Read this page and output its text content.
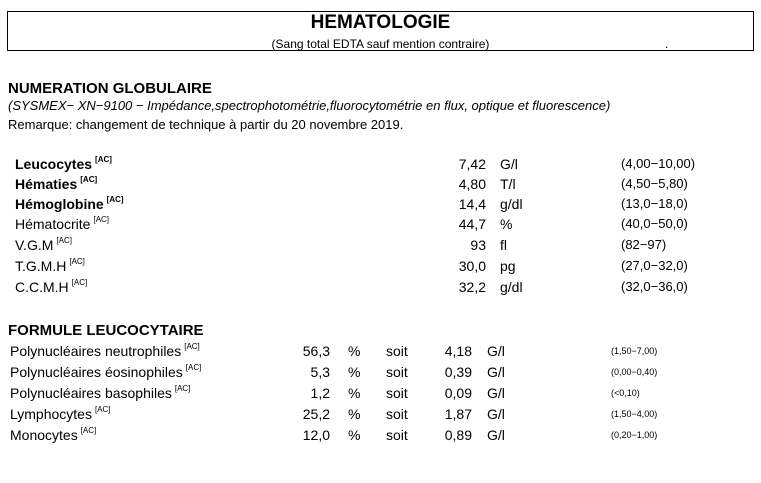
HEMATOLOGIE
(Sang total EDTA sauf mention contraire)	.
NUMERATION GLOBULAIRE
(SYSMEX− XN−9100 − Impédance,spectrophotométrie,fluorocytométrie en flux, optique et fluorescence)
Remarque: changement de technique à partir du 20 novembre 2019.
Leucocytes [AC]	7,42 G/l	(4,00−10,00)
Hématies [AC]	4,80 T/l	(4,50−5,80)
Hémoglobine [AC]	14,4 g/dl	(13,0−18,0)
Hématocrite [AC]	44,7 %	(40,0−50,0)
V.G.M [AC]	93 fl	(82−97)
T.G.M.H [AC]	30,0 pg	(27,0−32,0)
C.C.M.H [AC]	32,2 g/dl	(32,0−36,0)
FORMULE LEUCOCYTAIRE
Polynucléaires neutrophiles [AC]	56,3 % soit	4,18 G/l	(1,50−7,00)
Polynucléaires éosinophiles [AC]	5,3 % soit	0,39 G/l	(0,00−0,40)
Polynucléaires basophiles [AC]	1,2 % soit	0,09 G/l	(<0,10)
Lymphocytes [AC]	25,2 % soit	1,87 G/l	(1,50−4,00)
Monocytes [AC]	12,0 % soit	0,89 G/l	(0,20−1,00)
